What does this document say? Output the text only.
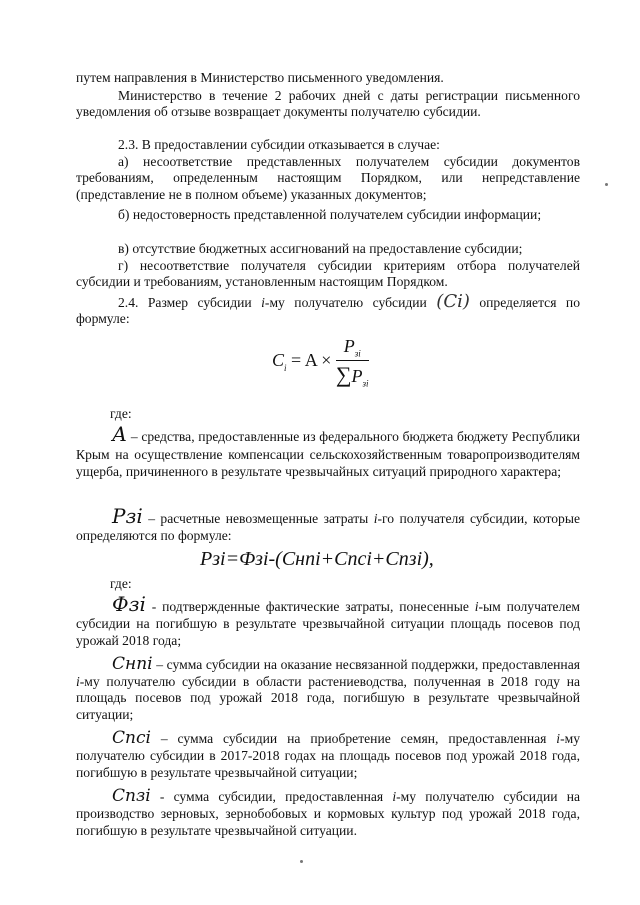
путем направления в Министерство письменного уведомления.

Министерство в течение 2 рабочих дней с даты регистрации письменного уведомления об отзыве возвращает документы получателю субсидии.

2.3. В предоставлении субсидии отказывается в случае:

а) несоответствие представленных получателем субсидии документов требованиям, определенным настоящим Порядком, или непредставление (представление не в полном объеме) указанных документов;

б) недостоверность представленной получателем субсидии информации;

в) отсутствие бюджетных ассигнований на предоставление субсидии;

г) несоответствие получателя субсидии критериям отбора получателей субсидии и требованиям, установленным настоящим Порядком.

2.4. Размер субсидии i-му получателю субсидии (Ci) определяется по формуле:

$C_i = A \times \frac{P_{зi}}{\sum P_{зi}}$

где:

А – средства, предоставленные из федерального бюджета бюджету Республики Крым на осуществление компенсации сельскохозяйственным товаропроизводителям ущерба, причиненного в результате чрезвычайных ситуаций природного характера;

Pзi – расчетные невозмещенные затраты i-го получателя субсидии, которые определяются по формуле:

Pзi=Фзi-(Cнпi+Cпсi+Cпзi),

где:

Фзi - подтвержденные фактические затраты, понесенные i-ым получателем субсидии на погибшую в результате чрезвычайной ситуации площадь посевов под урожай 2018 года;

Cнпi – сумма субсидии на оказание несвязанной поддержки, предоставленная i-му получателю субсидии в области растениеводства, полученная в 2018 году на площадь посевов под урожай 2018 года, погибшую в результате чрезвычайной ситуации;

Cпсi – сумма субсидии на приобретение семян, предоставленная i-му получателю субсидии в 2017-2018 годах на площадь посевов под урожай 2018 года, погибшую в результате чрезвычайной ситуации;

Cпзi - сумма субсидии, предоставленная i-му получателю субсидии на производство зерновых, зернобобовых и кормовых культур под урожай 2018 года, погибшую в результате чрезвычайной ситуации.
